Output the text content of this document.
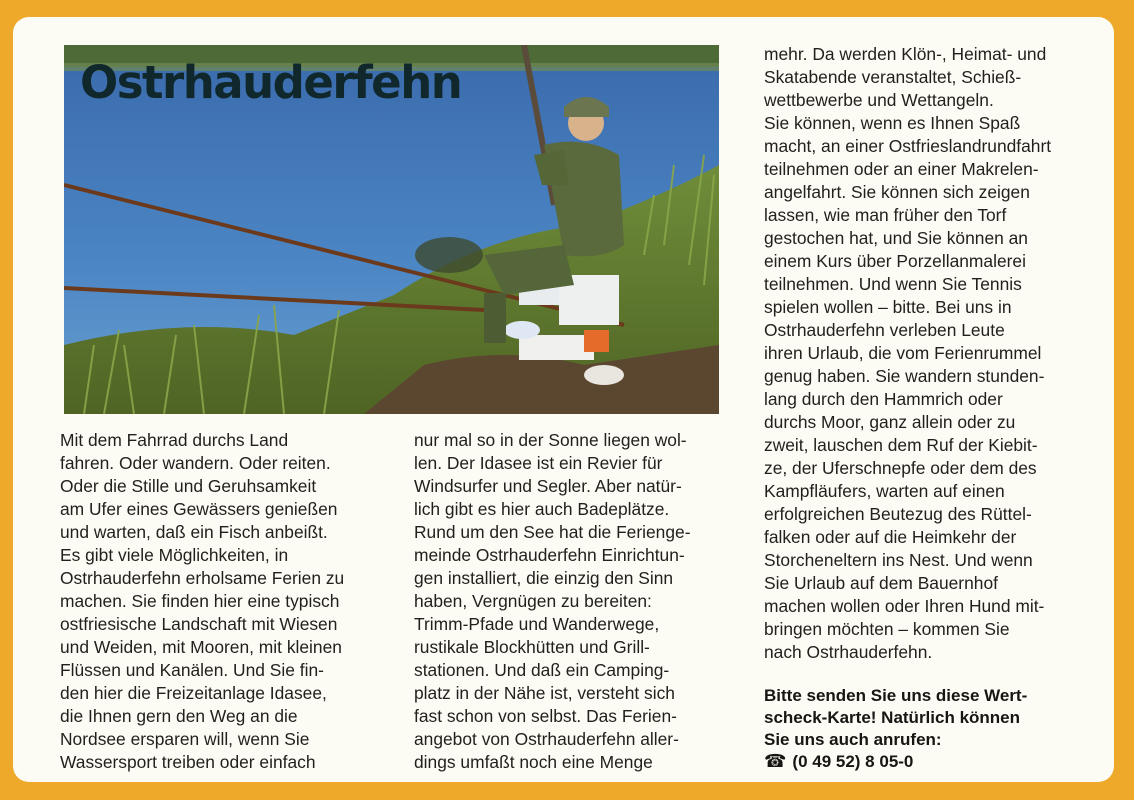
Ostrhauderfehn
Mit dem Fahrrad durchs Land
fahren. Oder wandern. Oder reiten.
Oder die Stille und Geruhsamkeit
am Ufer eines Gewässers genießen
und warten, daß ein Fisch anbeißt.
Es gibt viele Möglichkeiten, in
Ostrhauderfehn erholsame Ferien zu
machen. Sie finden hier eine typisch
ostfriesische Landschaft mit Wiesen
und Weiden, mit Mooren, mit kleinen
Flüssen und Kanälen. Und Sie fin-
den hier die Freizeitanlage Idasee,
die Ihnen gern den Weg an die
Nordsee ersparen will, wenn Sie
Wassersport treiben oder einfach
nur mal so in der Sonne liegen wol-
len. Der Idasee ist ein Revier für
Windsurfer und Segler. Aber natür-
lich gibt es hier auch Badeplätze.
Rund um den See hat die Ferienge-
meinde Ostrhauderfehn Einrichtun-
gen installiert, die einzig den Sinn
haben, Vergnügen zu bereiten:
Trimm-Pfade und Wanderwege,
rustikale Blockhütten und Grill-
stationen. Und daß ein Camping-
platz in der Nähe ist, versteht sich
fast schon von selbst. Das Ferien-
angebot von Ostrhauderfehn aller-
dings umfaßt noch eine Menge
mehr. Da werden Klön-, Heimat- und
Skatabende veranstaltet, Schieß-
wettbewerbe und Wettangeln.
Sie können, wenn es Ihnen Spaß
macht, an einer Ostfrieslandrundfahrt
teilnehmen oder an einer Makrelen-
angelfahrt. Sie können sich zeigen
lassen, wie man früher den Torf
gestochen hat, und Sie können an
einem Kurs über Porzellanmalerei
teilnehmen. Und wenn Sie Tennis
spielen wollen – bitte. Bei uns in
Ostrhauderfehn verleben Leute
ihren Urlaub, die vom Ferienrummel
genug haben. Sie wandern stunden-
lang durch den Hammrich oder
durchs Moor, ganz allein oder zu
zweit, lauschen dem Ruf der Kiebit-
ze, der Uferschnepfe oder dem des
Kampfläufers, warten auf einen
erfolgreichen Beutezug des Rüttel-
falken oder auf die Heimkehr der
Storcheneltern ins Nest. Und wenn
Sie Urlaub auf dem Bauernhof
machen wollen oder Ihren Hund mit-
bringen möchten – kommen Sie
nach Ostrhauderfehn.
Bitte senden Sie uns diese Wert-
scheck-Karte! Natürlich können
Sie uns auch anrufen:
☎ (0 49 52) 8 05-0
